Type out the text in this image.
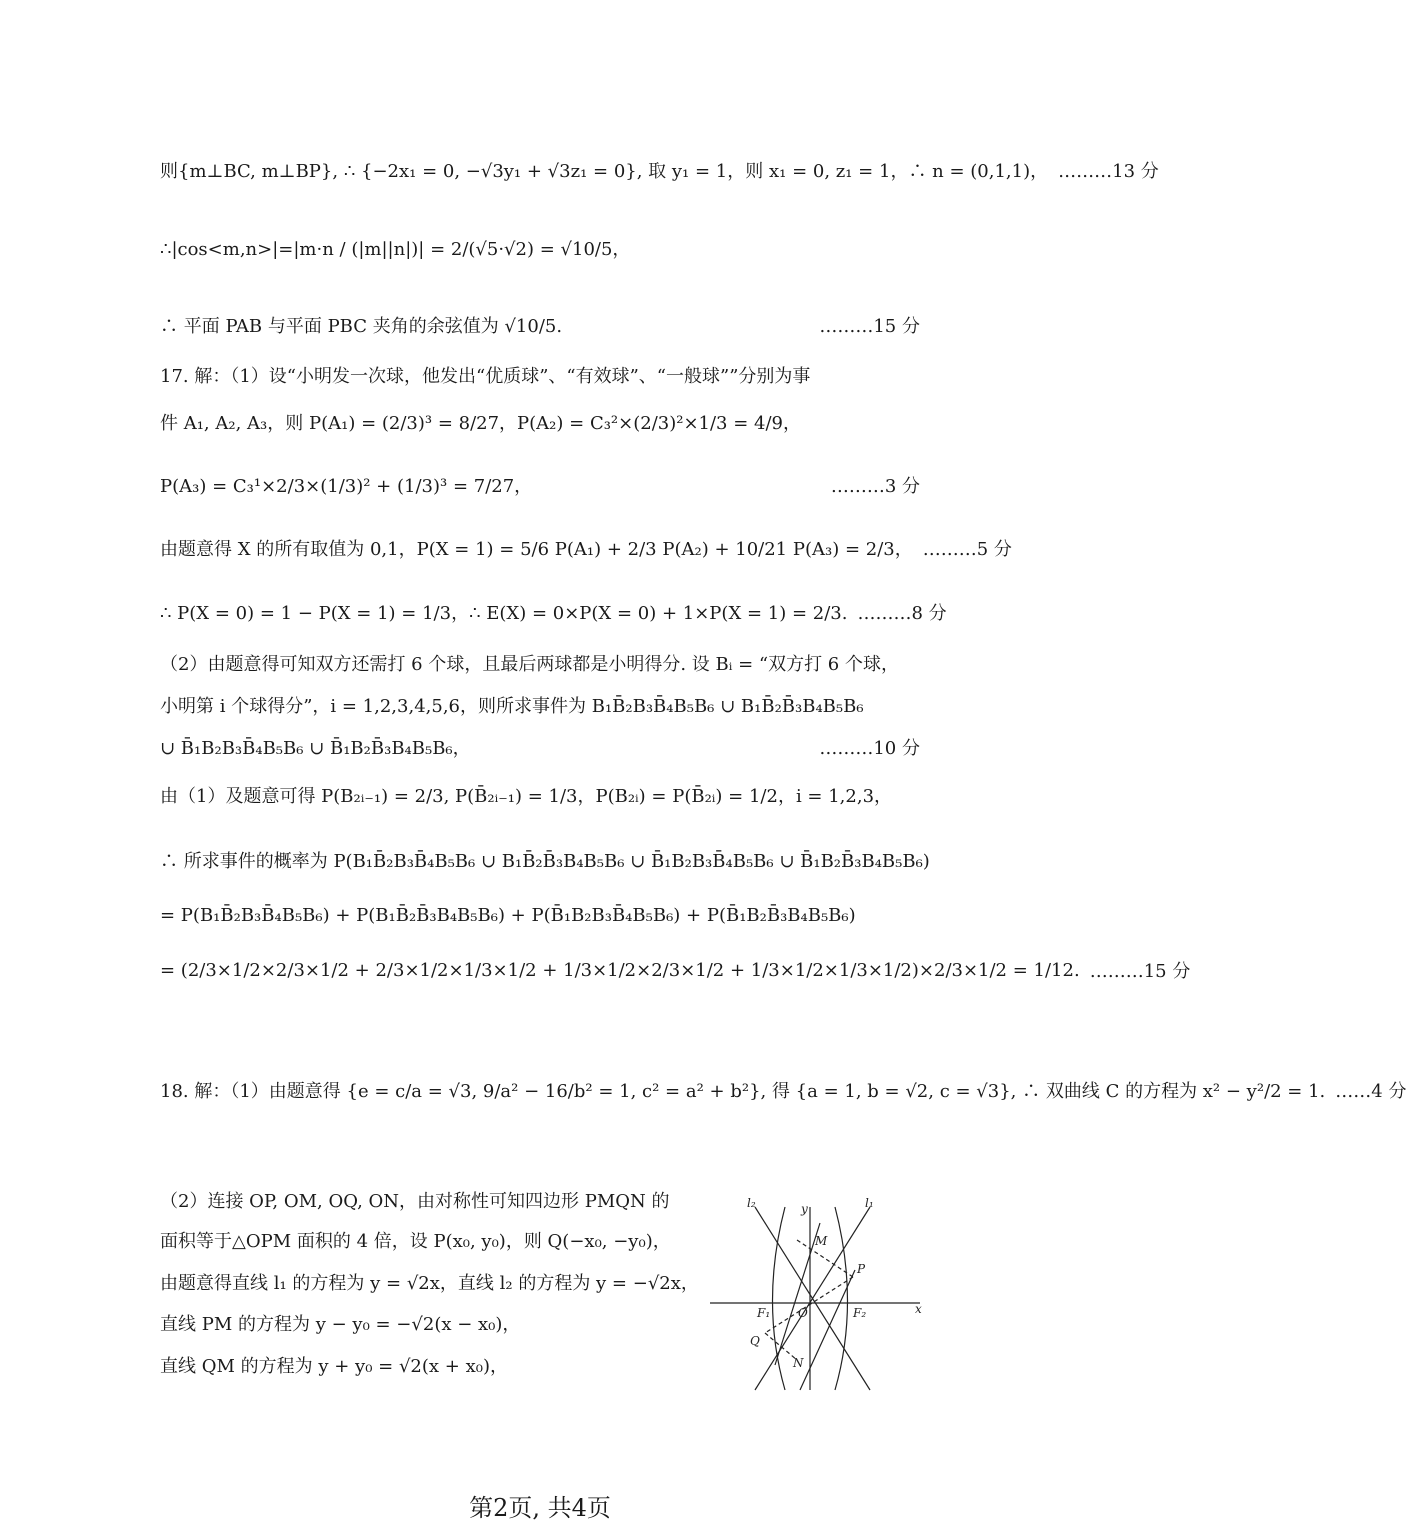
则{m⊥BC, m⊥BP}, ∴ {−2x₁ = 0, −√3y₁ + √3z₁ = 0}, 取 y₁ = 1，则 x₁ = 0, z₁ = 1，∴ n = (0,1,1)， ………13 分
∴|cos<m,n>|=|m·n / (|m||n|)| = 2/(√5·√2) = √10/5，
∴ 平面 PAB 与平面 PBC 夹角的余弦值为 √10/5.	………15 分
17. 解：（1）设“小明发一次球，他发出“优质球”、“有效球”、“一般球””分别为事
件 A₁, A₂, A₃，则 P(A₁) = (2/3)³ = 8/27，P(A₂) = C₃²×(2/3)²×1/3 = 4/9，
P(A₃) = C₃¹×2/3×(1/3)² + (1/3)³ = 7/27，	………3 分
由题意得 X 的所有取值为 0,1，P(X = 1) = 5/6 P(A₁) + 2/3 P(A₂) + 10/21 P(A₃) = 2/3， ………5 分
∴ P(X = 0) = 1 − P(X = 1) = 1/3，∴ E(X) = 0×P(X = 0) + 1×P(X = 1) = 2/3. ………8 分
（2）由题意得可知双方还需打 6 个球，且最后两球都是小明得分. 设 Bᵢ = “双方打 6 个球，
小明第 i 个球得分”，i = 1,2,3,4,5,6，则所求事件为 B₁B̄₂B₃B̄₄B₅B₆ ∪ B₁B̄₂B̄₃B₄B₅B₆
∪ B̄₁B₂B₃B̄₄B₅B₆ ∪ B̄₁B₂B̄₃B₄B₅B₆，	………10 分
由（1）及题意可得 P(B₂ᵢ₋₁) = 2/3, P(B̄₂ᵢ₋₁) = 1/3，P(B₂ᵢ) = P(B̄₂ᵢ) = 1/2，i = 1,2,3，
∴ 所求事件的概率为 P(B₁B̄₂B₃B̄₄B₅B₆ ∪ B₁B̄₂B̄₃B₄B₅B₆ ∪ B̄₁B₂B₃B̄₄B₅B₆ ∪ B̄₁B₂B̄₃B₄B₅B₆)
= P(B₁B̄₂B₃B̄₄B₅B₆) + P(B₁B̄₂B̄₃B₄B₅B₆) + P(B̄₁B₂B₃B̄₄B₅B₆) + P(B̄₁B₂B̄₃B₄B₅B₆)
= (2/3×1/2×2/3×1/2 + 2/3×1/2×1/3×1/2 + 1/3×1/2×2/3×1/2 + 1/3×1/2×1/3×1/2)×2/3×1/2 = 1/12. ………15 分
18. 解：（1）由题意得 {e = c/a = √3, 9/a² − 16/b² = 1, c² = a² + b²}, 得 {a = 1, b = √2, c = √3}, ∴ 双曲线 C 的方程为 x² − y²/2 = 1. ……4 分
（2）连接 OP, OM, OQ, ON，由对称性可知四边形 PMQN 的
面积等于△OPM 面积的 4 倍，设 P(x₀, y₀)，则 Q(−x₀, −y₀)，
由题意得直线 l₁ 的方程为 y = √2x，直线 l₂ 的方程为 y = −√2x，
直线 PM 的方程为 y − y₀ = −√2(x − x₀)，
直线 QM 的方程为 y + y₀ = √2(x + x₀)，
l₂	l₁
y
x
M
P
O
F₁	F₂
Q
N
第2页, 共4页
